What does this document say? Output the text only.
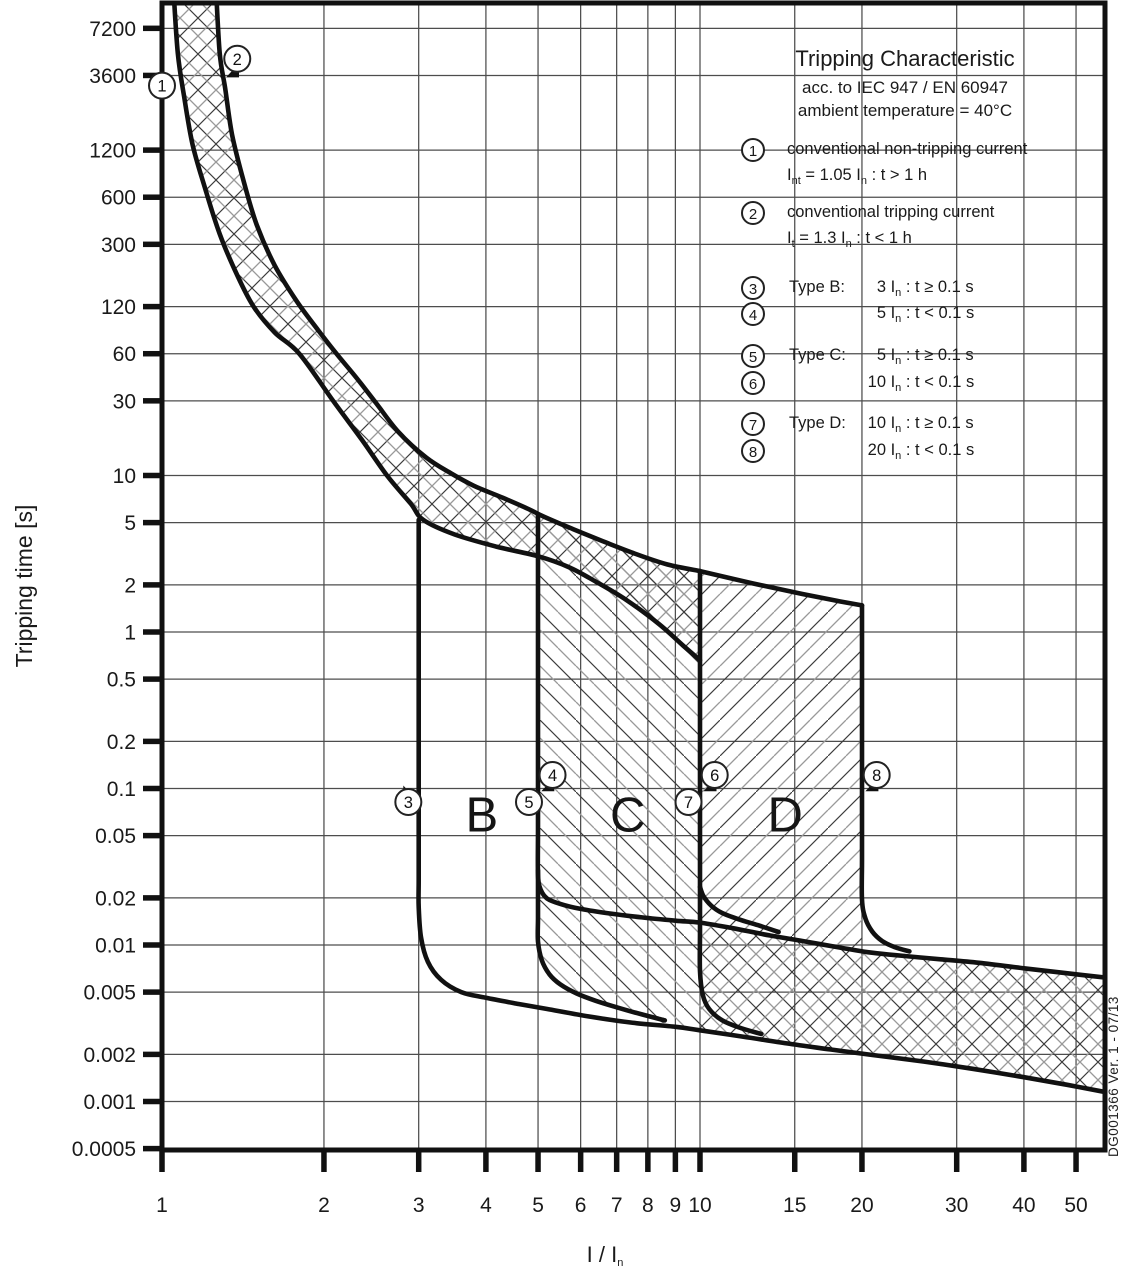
7200
3600
1200
600
300
120
60
30
10
5
2
1
0.5
0.2
0.1
0.05
0.02
0.01
0.005
0.002
0.001
0.0005
1	2	3	4 5 6 7 8 9 10	15 20	30 40 50
1
2
3
4
5
6
7
8
B C D
Tripping Characteristic
acc. to IEC 947 / EN 60947
ambient temperature = 40°C
1	conventional non-tripping current
$I_{nt} = 1.05$ $I_n$ : t > 1 h
2	conventional tripping current
$I_t = 1.3$ $I_n$ : t < 1 h
3	Type B:	3 $I_n$ : t ≥ 0.1 s
4	5 $I_n$ : t < 0.1 s
5	Type C:	5 $I_n$ : t ≥ 0.1 s
6	10 $I_n$ : t < 0.1 s
7	Type D:	10 $I_n$ : t ≥ 0.1 s
8	20 $I_n$ : t < 0.1 s
Tripping time [s]
I / $I_n$
DG001366 Ver. 1 - 07/13
